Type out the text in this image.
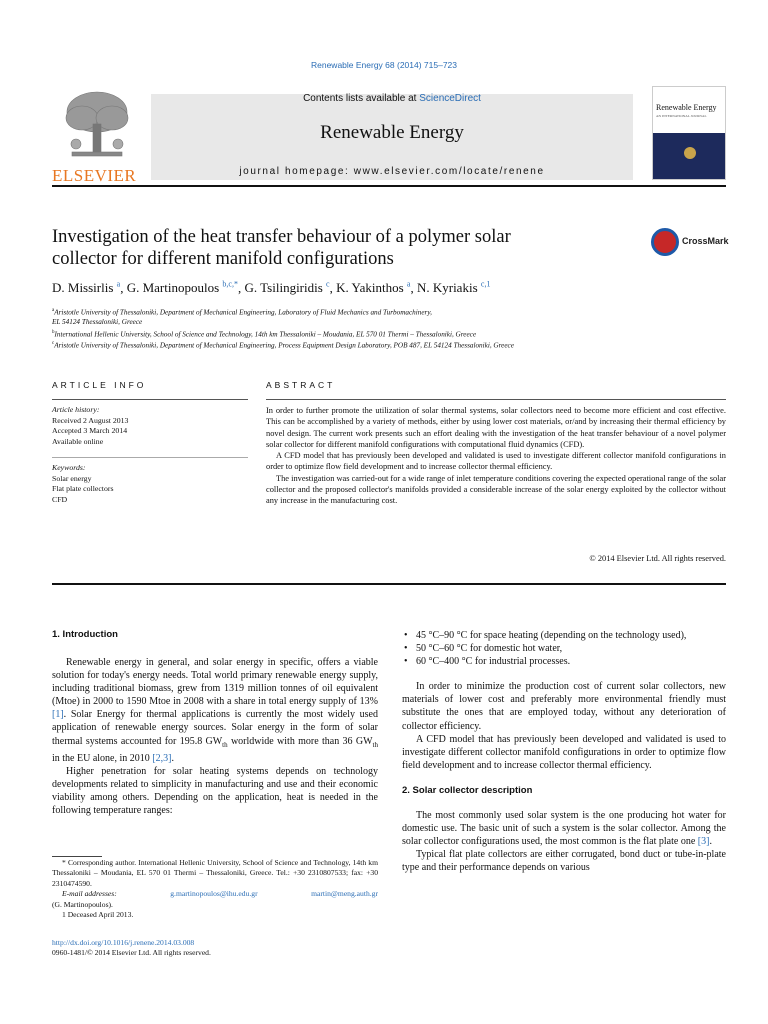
Renewable Energy 68 (2014) 715–723
ELSEVIER
Contents lists available at ScienceDirect
Renewable Energy
journal homepage: www.elsevier.com/locate/renene
Renewable Energy
AN INTERNATIONAL JOURNAL
Investigation of the heat transfer behaviour of a polymer solar
collector for different manifold configurations
CrossMark
D. Missirlis $^a$, G. Martinopoulos $^{b,c,*}$, G. Tsilingiridis $^c$, K. Yakinthos $^a$, N. Kyriakis $^{c,1}$
$^a$Aristotle University of Thessaloniki, Department of Mechanical Engineering, Laboratory of Fluid Mechanics and Turbomachinery,
EL 54124 Thessaloniki, Greece
$^b$International Hellenic University, School of Science and Technology, 14th km Thessaloniki – Moudania, EL 570 01 Thermi – Thessaloniki, Greece
$^c$Aristotle University of Thessaloniki, Department of Mechanical Engineering, Process Equipment Design Laboratory, POB 487, EL 54124 Thessaloniki, Greece
ARTICLE INFO
Article history:
Received 2 August 2013
Accepted 3 March 2014
Available online
Keywords:
Solar energy
Flat plate collectors
CFD
ABSTRACT

In order to further promote the utilization of solar thermal systems, solar collectors need to become more efficient and cost effective. This can be accomplished by a variety of methods, either by using lower cost materials, or/and by increasing their thermal efficiency by novel design. The current work presents such an effort dealing with the investigation of the heat transfer behaviour of a novel polymer solar collector for different manifold configurations with computational fluid dynamics (CFD).

A CFD model that has previously been developed and validated is used to investigate different collector manifold configurations in order to optimize flow field development and to increase collector thermal efficiency.

The investigation was carried-out for a wide range of inlet temperature conditions covering the expected operational range of the solar collector and the proposed collector's manifolds provided a considerable increase of the solar energy exploited by the collector without any increase in the manufacturing cost.

© 2014 Elsevier Ltd. All rights reserved.
1. Introduction

Renewable energy in general, and solar energy in specific, offers a viable solution for today's energy needs. Total world primary renewable energy supply, including traditional biomass, grew from 1319 million tonnes of oil equivalent (Mtoe) in 2000 to 1590 Mtoe in 2008 with a share in total energy supply of 13% [1]. Solar Energy for thermal applications is currently the most widely used application of renewable energy sources. Solar energy in the form of solar thermal systems accounted for 195.8 $GW_{th}$ worldwide with more than 36 $GW_{th}$ in the EU alone, in 2010 [2,3].

Higher penetration for solar heating systems depends on technology developments related to simplicity in manufacturing and use and their economic viability among others. Depending on the application, heat is needed in the following temperature ranges:

* Corresponding author. International Hellenic University, School of Science and Technology, 14th km Thessaloniki – Moudania, EL 570 01 Thermi – Thessaloniki, Greece. Tel.: +30 2310807533; fax: +30 2310474590.
E-mail addresses:	g.martinopoulos@ihu.edu.gr	martin@meng.auth.gr
(G. Martinopoulos).
1 Deceased April 2013.
http://dx.doi.org/10.1016/j.renene.2014.03.008
0960-1481/© 2014 Elsevier Ltd. All rights reserved.
• 45 °C–90 °C for space heating (depending on the technology used),
• 50 °C–60 °C for domestic hot water,
• 60 °C–400 °C for industrial processes.

In order to minimize the production cost of current solar collectors, new materials of lower cost and preferably more environmental friendly must substitute the ones that are employed today, without any deterioration of collector efficiency.

A CFD model that has previously been developed and validated is used to investigate different collector manifold configurations in order to optimize flow field development and to increase collector thermal efficiency.

2. Solar collector description

The most commonly used solar system is the one producing hot water for domestic use. The basic unit of such a system is the solar collector. Among the solar collector configurations used, the most common is the flat plate one [3].

Typical flat plate collectors are either corrugated, bond duct or tube-in-plate type and their performance depends on various
